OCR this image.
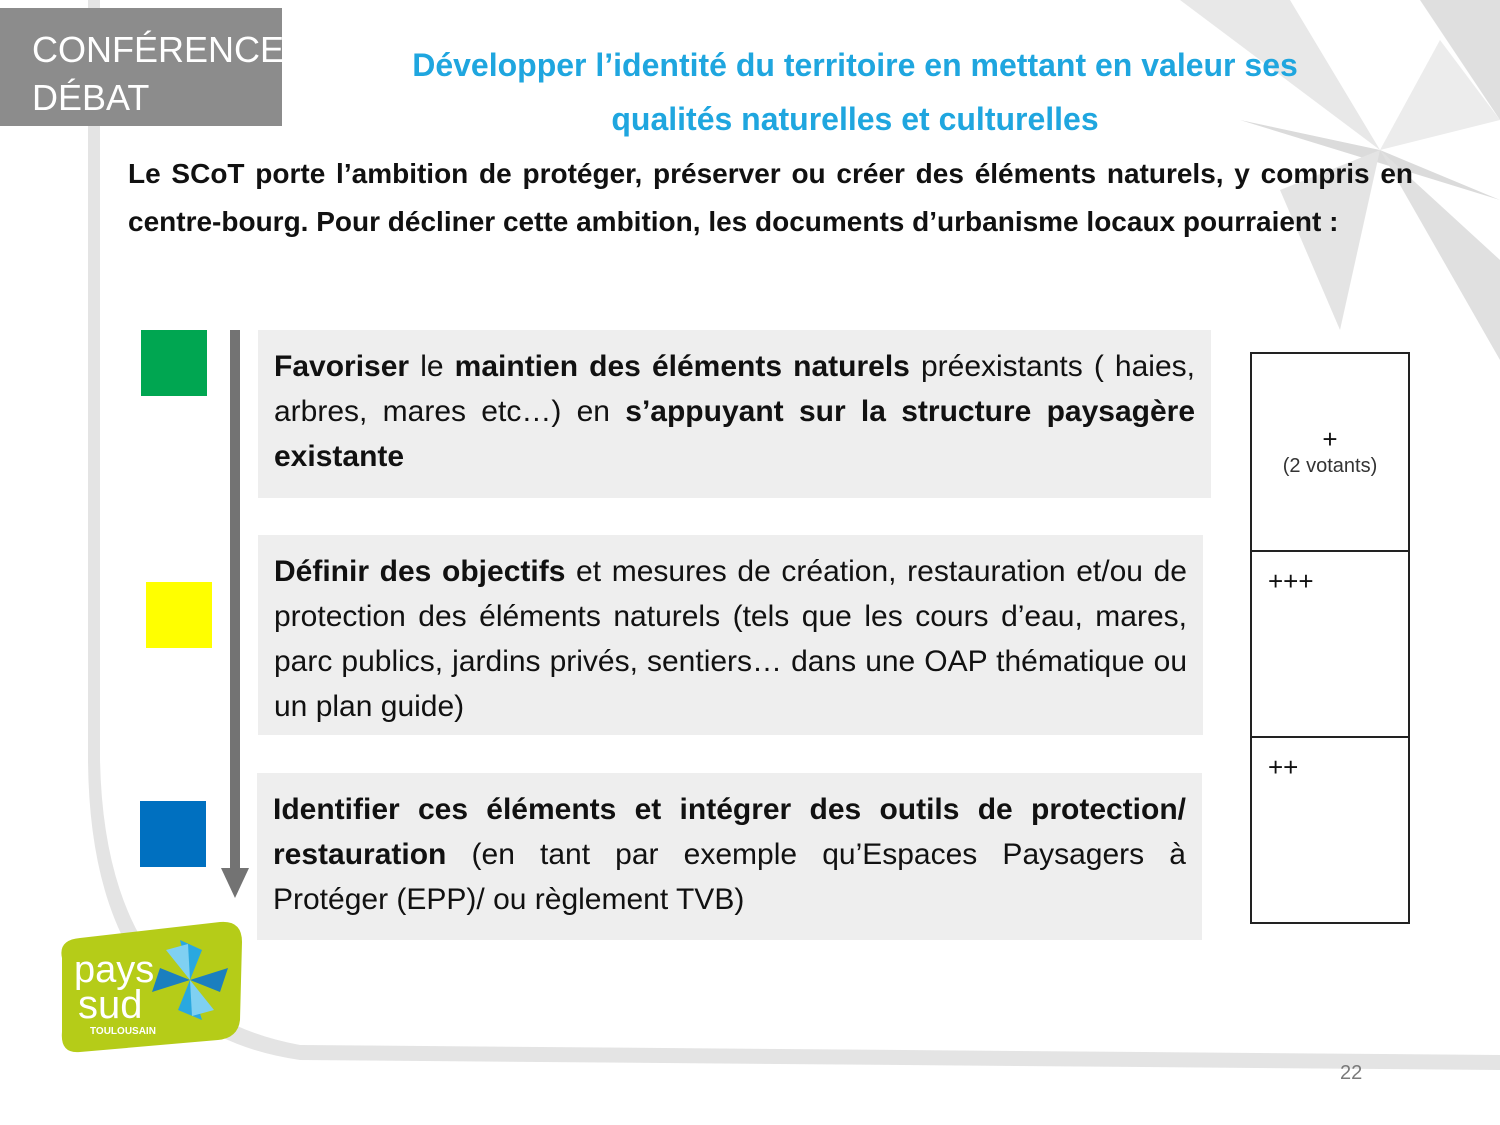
CONFÉRENCE
DÉBAT
Développer l’identité du territoire en mettant en valeur ses
qualités naturelles et culturelles
Le SCoT porte l’ambition de protéger, préserver ou créer des éléments naturels, y compris en centre-bourg. Pour décliner cette ambition, les documents d’urbanisme locaux pourraient :
Favoriser le maintien des éléments naturels préexistants ( haies, arbres, mares etc…) en s’appuyant sur la structure paysagère existante
Définir des objectifs et mesures de création, restauration et/ou de protection des éléments naturels (tels que les cours d’eau, mares, parc publics, jardins privés, sentiers… dans une OAP thématique ou un plan guide)
Identifier ces éléments et intégrer des outils de protection/ restauration (en tant par exemple qu’Espaces Paysagers à Protéger (EPP)/ ou règlement TVB)
+
(2 votants)
+++
++
pays
sud
TOULOUSAIN
22
